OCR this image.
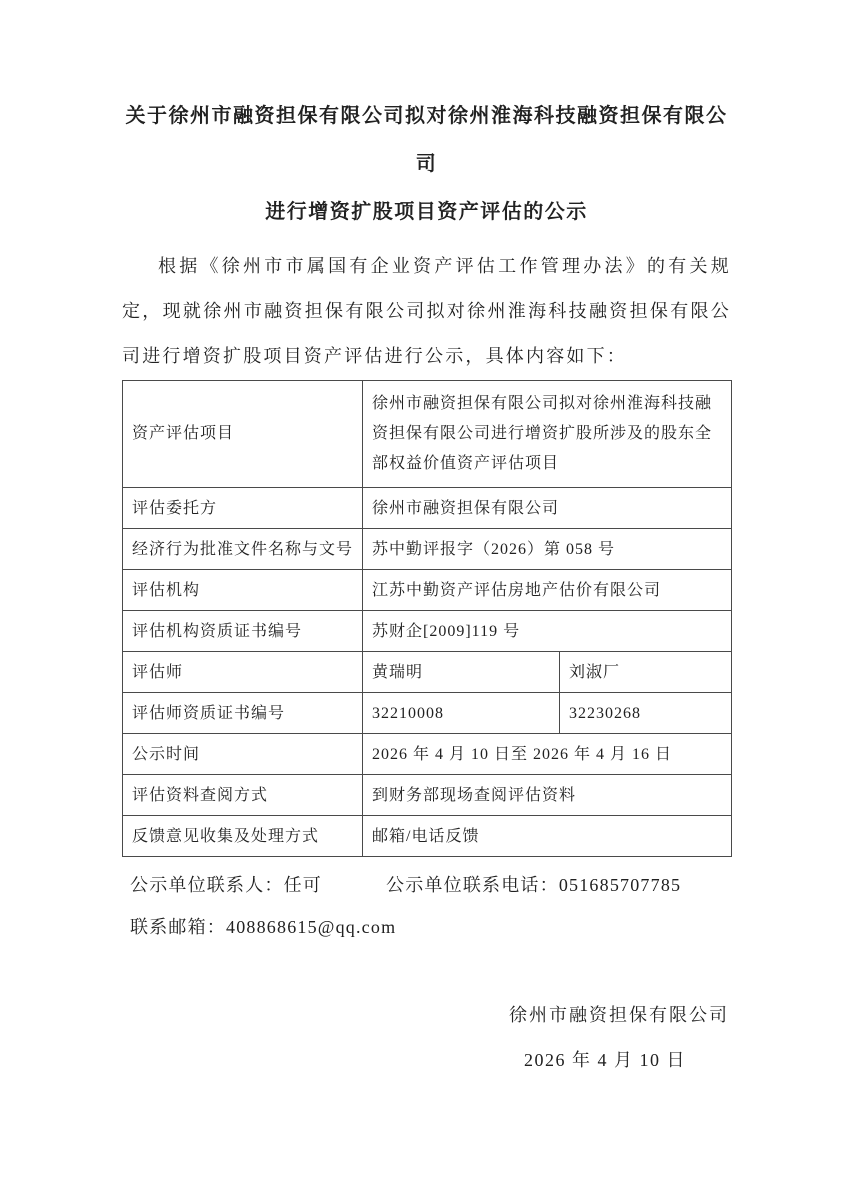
关于徐州市融资担保有限公司拟对徐州淮海科技融资担保有限公司
进行增资扩股项目资产评估的公示
根据《徐州市市属国有企业资产评估工作管理办法》的有关规定，现就徐州市融资担保有限公司拟对徐州淮海科技融资担保有限公司进行增资扩股项目资产评估进行公示，具体内容如下：
资产评估项目	徐州市融资担保有限公司拟对徐州淮海科技融资担保有限公司进行增资扩股所涉及的股东全部权益价值资产评估项目	
评估委托方	徐州市融资担保有限公司	
经济行为批准文件名称与文号	苏中勤评报字（2026）第 058 号	
评估机构	江苏中勤资产评估房地产估价有限公司	
评估机构资质证书编号	苏财企[2009]119 号	
评估师	黄瑞明	刘淑厂
评估师资质证书编号	32210008	32230268
公示时间	2026 年 4 月 10 日至 2026 年 4 月 16 日	
评估资料查阅方式	到财务部现场查阅评估资料	
反馈意见收集及处理方式	邮箱/电话反馈	
公示单位联系人： 任可	公示单位联系电话：051685707785
联系邮箱：408868615@qq.com
徐州市融资担保有限公司
2026 年 4 月 10 日
